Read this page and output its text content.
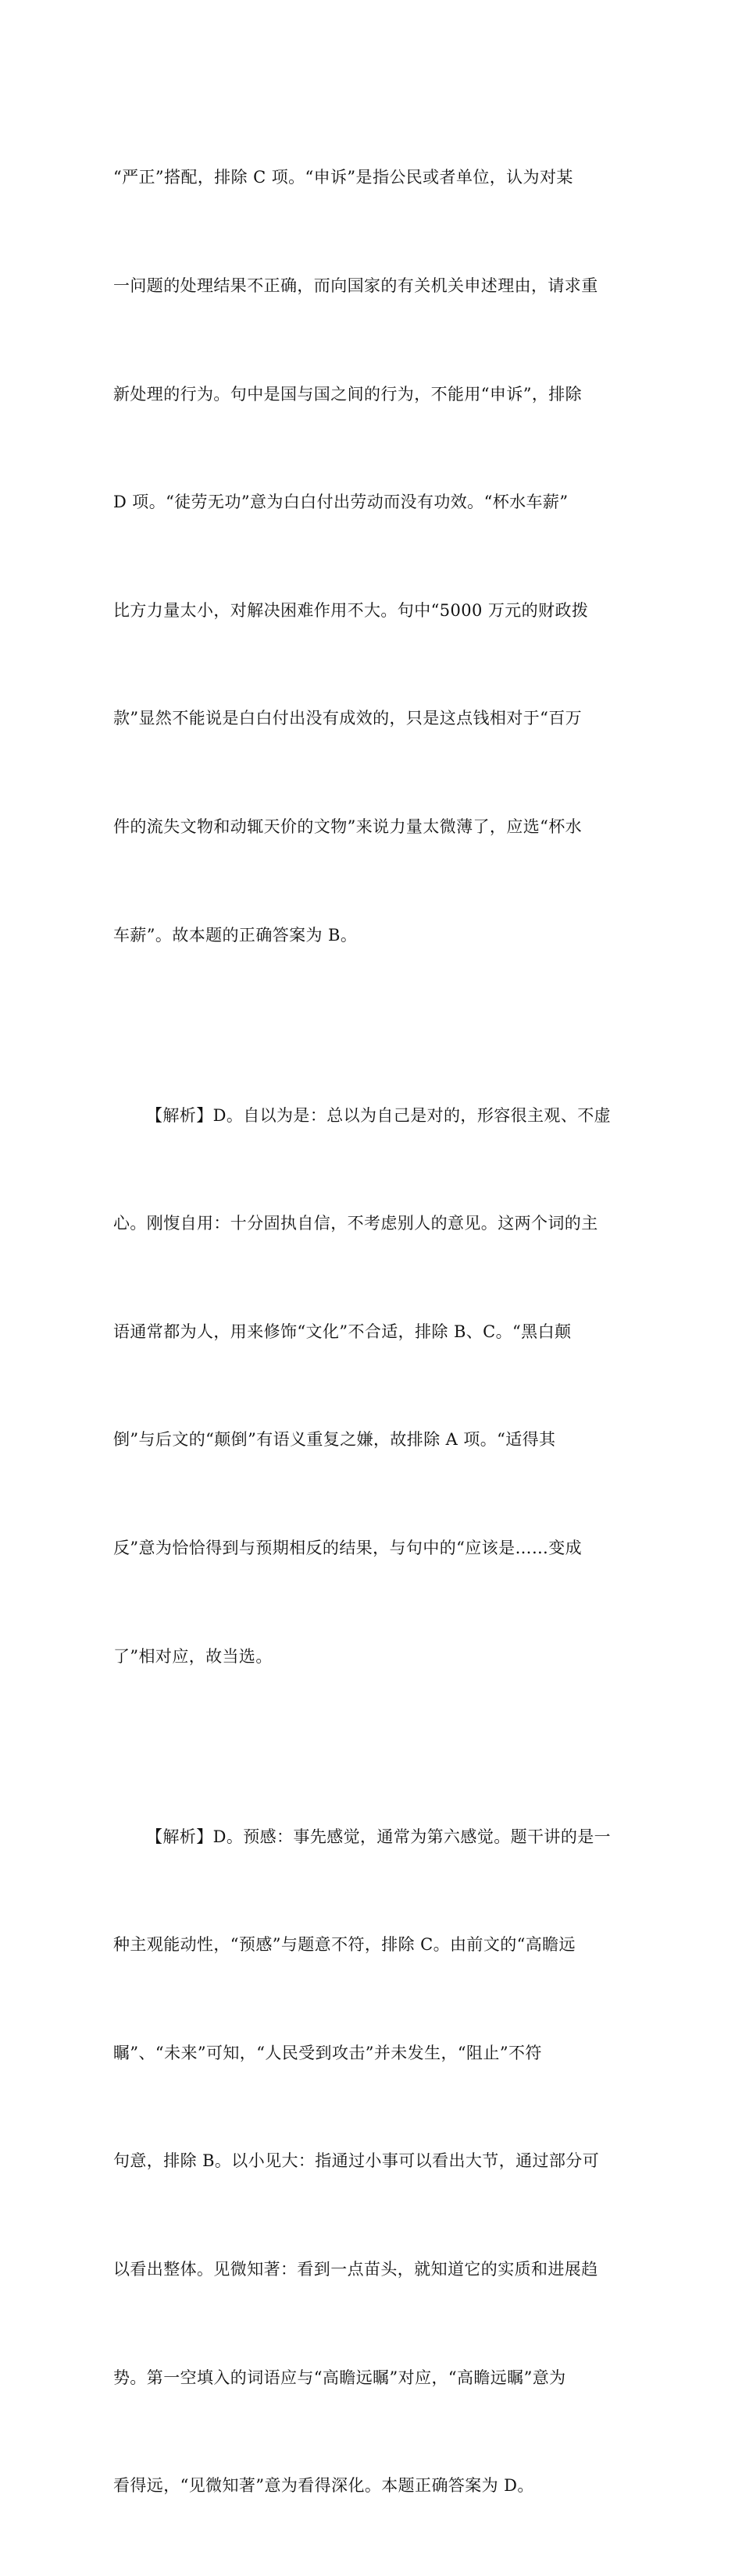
“严正”搭配，排除 C 项。“申诉”是指公民或者单位，认为对某

一问题的处理结果不正确，而向国家的有关机关申述理由，请求重

新处理的行为。句中是国与国之间的行为，不能用“申诉”，排除

D 项。“徒劳无功”意为白白付出劳动而没有功效。“杯水车薪”

比方力量太小，对解决困难作用不大。句中“5000 万元的财政拨

款”显然不能说是白白付出没有成效的，只是这点钱相对于“百万

件的流失文物和动辄天价的文物”来说力量太微薄了，应选“杯水

车薪”。故本题的正确答案为 B。

【解析】D。自以为是：总以为自己是对的，形容很主观、不虚

心。刚愎自用：十分固执自信，不考虑别人的意见。这两个词的主

语通常都为人，用来修饰“文化”不合适，排除 B、C。“黑白颠

倒”与后文的“颠倒”有语义重复之嫌，故排除 A 项。“适得其

反”意为恰恰得到与预期相反的结果，与句中的“应该是……变成

了”相对应，故当选。

【解析】D。预感：事先感觉，通常为第六感觉。题干讲的是一

种主观能动性，“预感”与题意不符，排除 C。由前文的“高瞻远

瞩”、“未来”可知，“人民受到攻击”并未发生，“阻止”不符

句意，排除 B。以小见大：指通过小事可以看出大节，通过部分可

以看出整体。见微知著：看到一点苗头，就知道它的实质和进展趋

势。第一空填入的词语应与“高瞻远瞩”对应，“高瞻远瞩”意为

看得远，“见微知著”意为看得深化。本题正确答案为 D。
